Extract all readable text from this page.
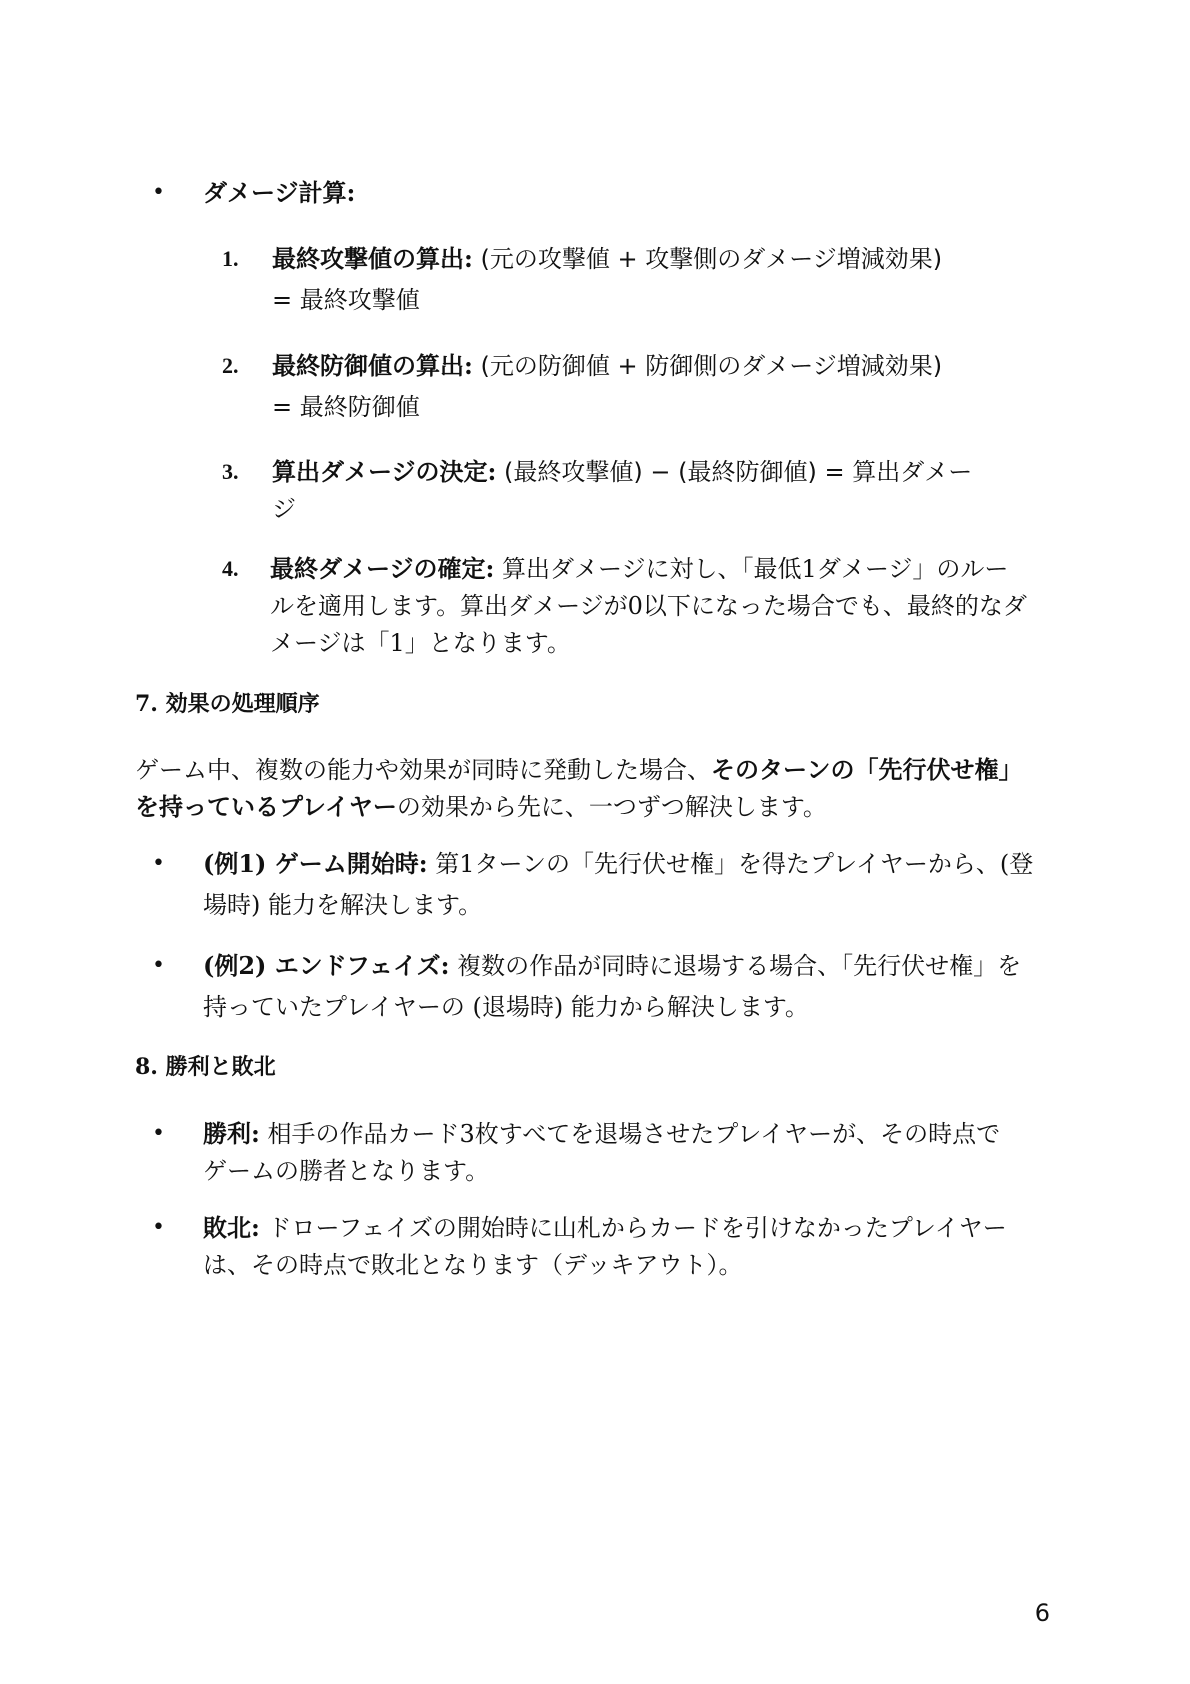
• ダメージ計算:
1. 最終攻撃値の算出: (元の攻撃値 + 攻撃側のダメージ増減効果)
= 最終攻撃値
2. 最終防御値の算出: (元の防御値 + 防御側のダメージ増減効果)
= 最終防御値
3. 算出ダメージの決定: (最終攻撃値) − (最終防御値) = 算出ダメー
ジ
4. 最終ダメージの確定: 算出ダメージに対し、「最低1ダメージ」のルー
ルを適用します。算出ダメージが0以下になった場合でも、最終的なダ
メージは「1」となります。
7. 効果の処理順序
ゲーム中、複数の能力や効果が同時に発動した場合、そのターンの「先行伏せ権」
を持っているプレイヤーの効果から先に、一つずつ解決します。
• (例1) ゲーム開始時: 第1ターンの「先行伏せ権」を得たプレイヤーから、(登
場時) 能力を解決します。
• (例2) エンドフェイズ: 複数の作品が同時に退場する場合、「先行伏せ権」を
持っていたプレイヤーの (退場時) 能力から解決します。
8. 勝利と敗北
• 勝利: 相手の作品カード3枚すべてを退場させたプレイヤーが、その時点で
ゲームの勝者となります。
• 敗北: ドローフェイズの開始時に山札からカードを引けなかったプレイヤー
は、その時点で敗北となります（デッキアウト）。
6
